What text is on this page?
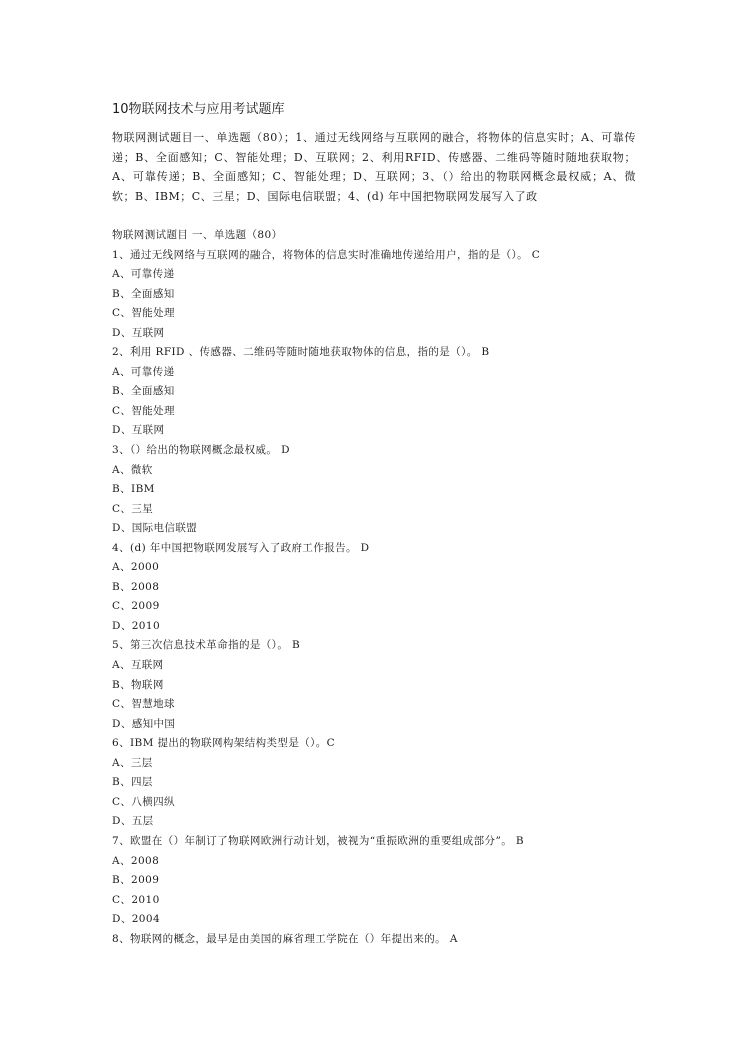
10物联网技术与应用考试题库
物联网测试题目一、单选题（80）；1、通过无线网络与互联网的融合，将物体的信息实时；A、可靠传递；B、全面感知；C、智能处理；D、互联网；2、利用RFID、传感器、二维码等随时随地获取物；A、可靠传递；B、全面感知；C、智能处理；D、互联网；3、（）给出的物联网概念最权威；A、微软；B、IBM；C、三星；D、国际电信联盟；4、(d) 年中国把物联网发展写入了政
物联网测试题目 一、单选题（80）
1、通过无线网络与互联网的融合，将物体的信息实时准确地传递给用户，指的是（）。 C
A、可靠传递
B、全面感知
C、智能处理
D、互联网
2、利用 RFID 、传感器、二维码等随时随地获取物体的信息，指的是（）。 B
A、可靠传递
B、全面感知
C、智能处理
D、互联网
3、（）给出的物联网概念最权威。 D
A、微软
B、IBM
C、三星
D、国际电信联盟
4、(d) 年中国把物联网发展写入了政府工作报告。 D
A、2000
B、2008
C、2009
D、2010
5、第三次信息技术革命指的是（）。 B
A、互联网
B、物联网
C、智慧地球
D、感知中国
6、IBM 提出的物联网构架结构类型是（）。C
A、三层
B、四层
C、八横四纵
D、五层
7、欧盟在（）年制订了物联网欧洲行动计划，被视为“重振欧洲的重要组成部分”。 B
A、2008
B、2009
C、2010
D、2004
8、物联网的概念，最早是由美国的麻省理工学院在（）年提出来的。 A
